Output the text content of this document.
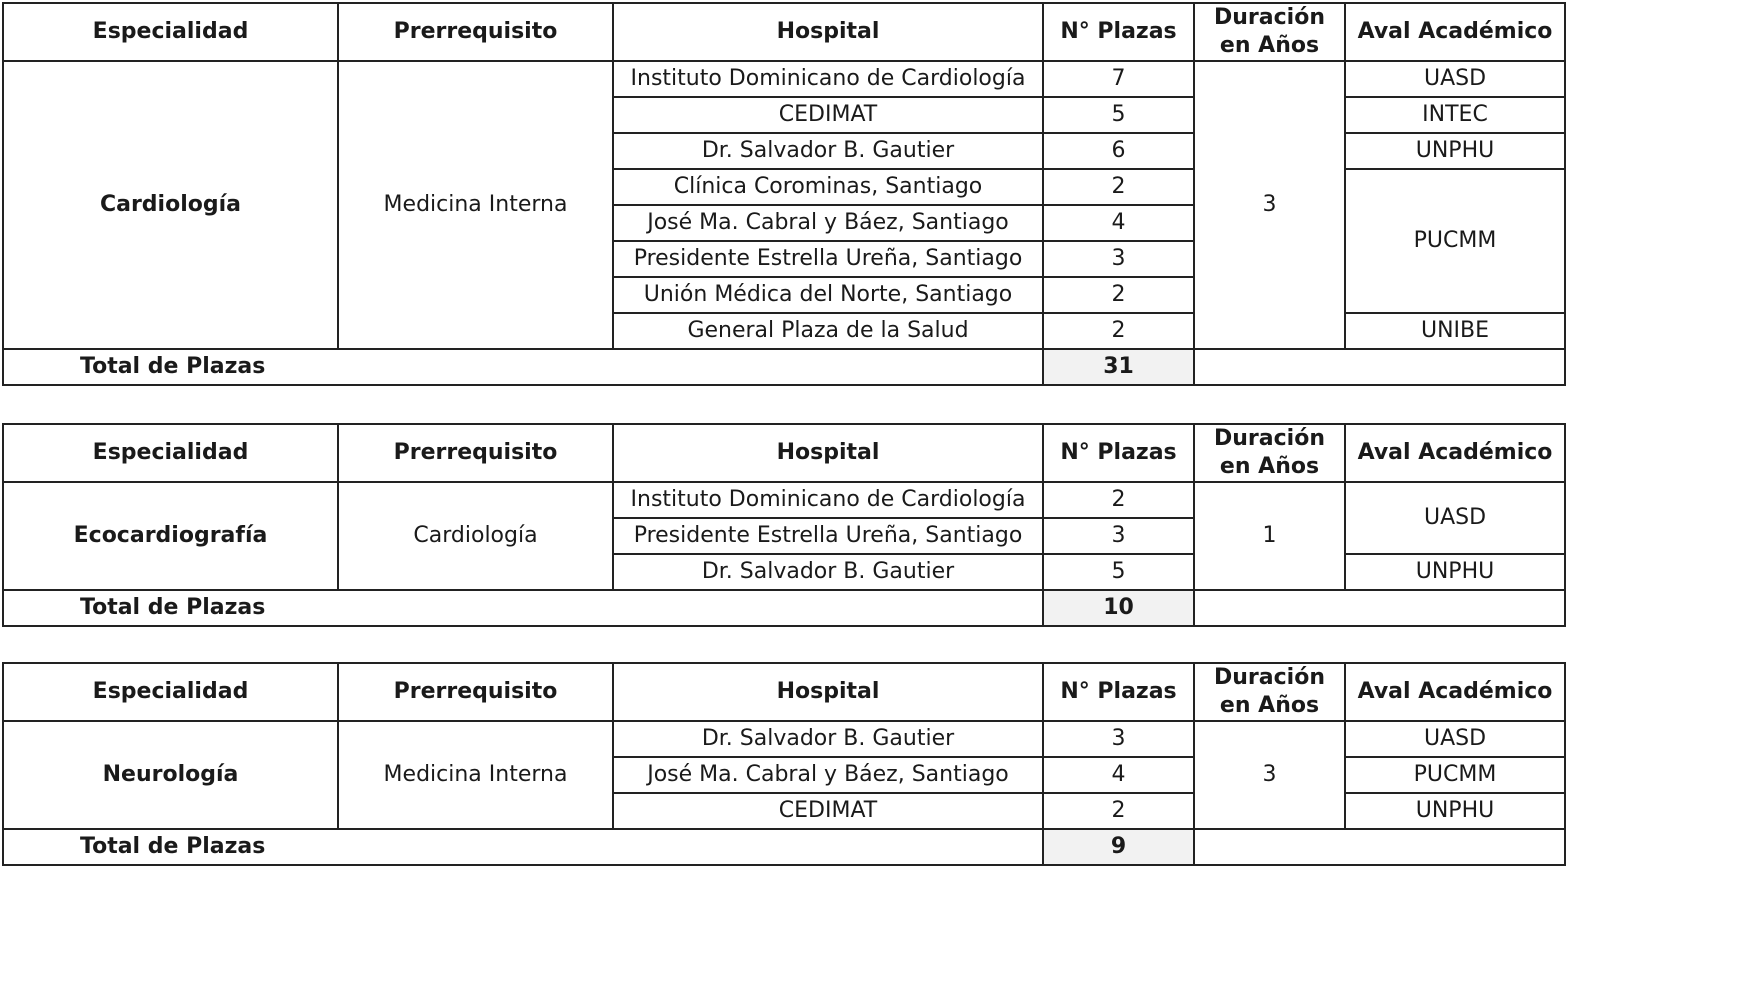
Especialidad	Prerrequisito	Hospital	N° Plazas	Duración en Años	Aval Académico
Cardiología	Medicina Interna	Instituto Dominicano de Cardiología	7	3	UASD
		CEDIMAT	5		INTEC
		Dr. Salvador B. Gautier	6		UNPHU
		Clínica Corominas, Santiago	2		PUCMM
		José Ma. Cabral y Báez, Santiago	4		
		Presidente Estrella Ureña, Santiago	3		
		Unión Médica del Norte, Santiago	2		
		General Plaza de la Salud	2		UNIBE
Total de Plazas			31		
Especialidad	Prerrequisito	Hospital	N° Plazas	Duración en Años	Aval Académico
Ecocardiografía	Cardiología	Instituto Dominicano de Cardiología	2	1	UASD
		Presidente Estrella Ureña, Santiago	3		
		Dr. Salvador B. Gautier	5		UNPHU
Total de Plazas			10		
Especialidad	Prerrequisito	Hospital	N° Plazas	Duración en Años	Aval Académico
Neurología	Medicina Interna	Dr. Salvador B. Gautier	3	3	UASD
		José Ma. Cabral y Báez, Santiago	4		PUCMM
		CEDIMAT	2		UNPHU
Total de Plazas			9		
